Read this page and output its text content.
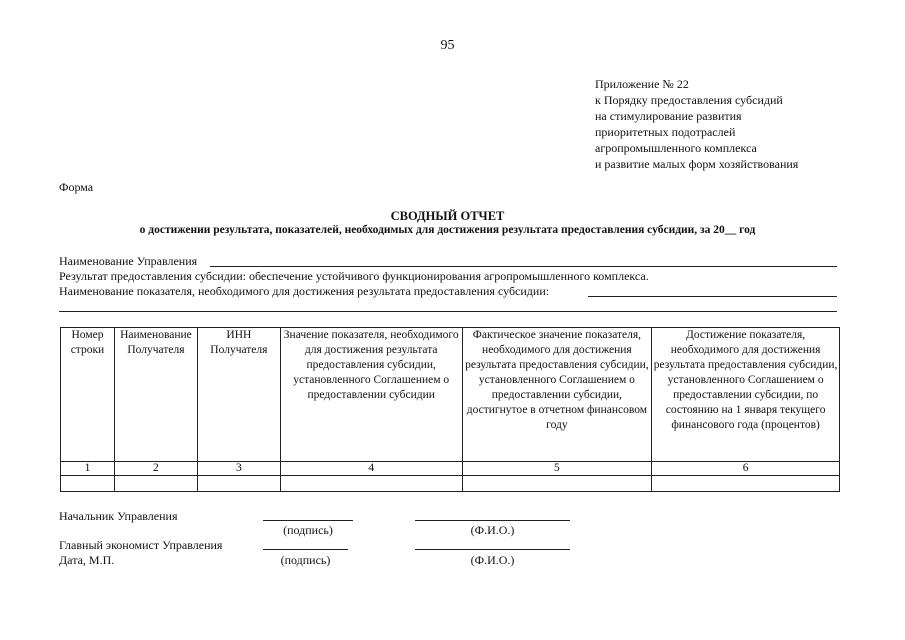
95
Приложение № 22
к Порядку предоставления субсидий
на стимулирование развития
приоритетных подотраслей
агропромышленного комплекса
и развитие малых форм хозяйствования
Форма
СВОДНЫЙ ОТЧЕТ
о достижении результата, показателей, необходимых для достижения результата предоставления субсидии, за 20__ год
Наименование Управления
Результат предоставления субсидии: обеспечение устойчивого функционирования агропромышленного комплекса.
Наименование показателя, необходимого для достижения результата предоставления субсидии:
Номер строки	Наименование Получателя	ИНН Получателя	Значение показателя, необходимого для достижения результата предоставления субсидии, установленного Соглашением о предоставлении субсидии	Фактическое значение показателя, необходимого для достижения результата предоставления субсидии, установленного Соглашением о предоставлении субсидии, достигнутое в отчетном финансовом году	Достижение показателя, необходимого для достижения результата предоставления субсидии, установленного Соглашением о предоставлении субсидии, по состоянию на 1 января текущего финансового года (процентов)
1	2	3	4	5	6

Начальник Управления
(подпись)	(Ф.И.О.)
Главный экономист Управления
Дата, М.П.	(подпись)	(Ф.И.О.)
